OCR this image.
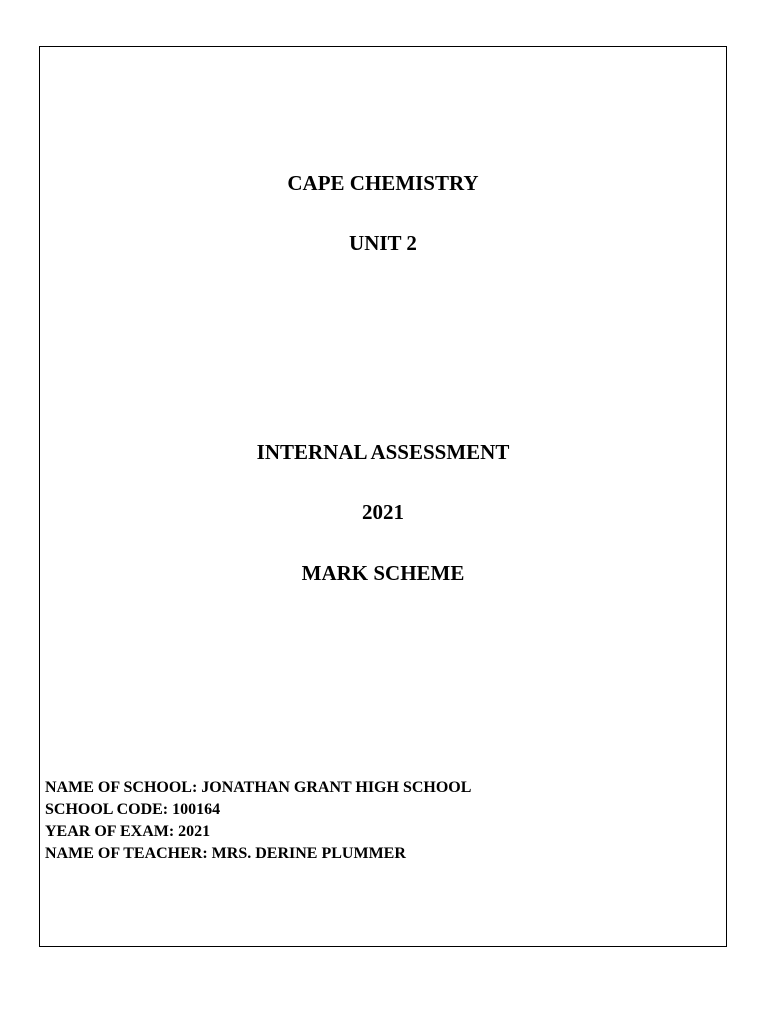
CAPE CHEMISTRY

UNIT 2

INTERNAL ASSESSMENT

2021

MARK SCHEME

NAME OF SCHOOL: JONATHAN GRANT HIGH SCHOOL
SCHOOL CODE: 100164
YEAR OF EXAM: 2021
NAME OF TEACHER: MRS. DERINE PLUMMER
